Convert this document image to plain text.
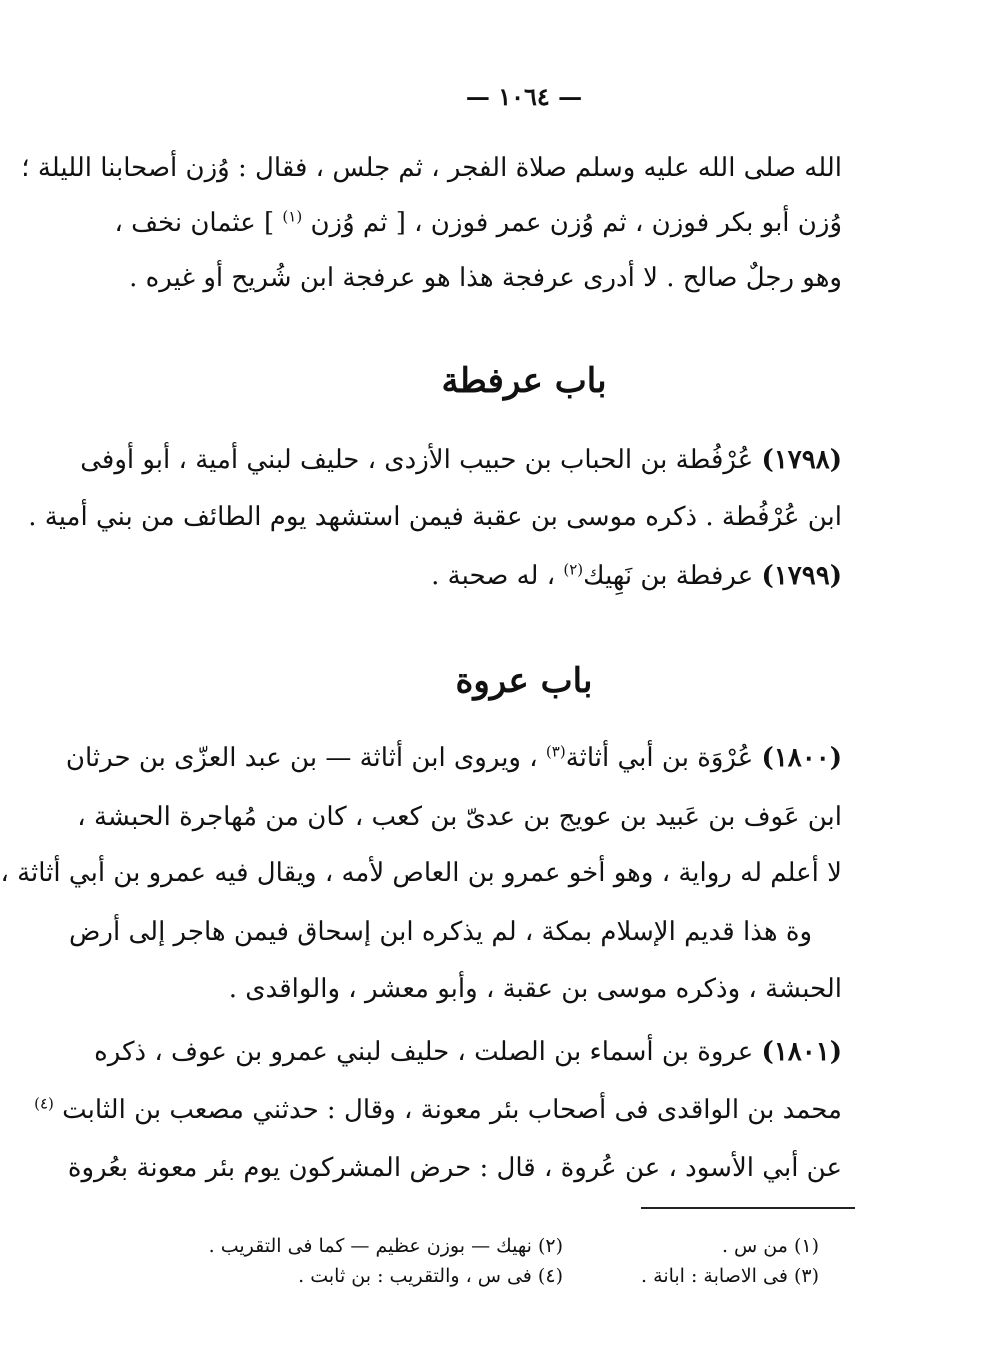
— ١٠٦٤ —
الله صلى الله عليه وسلم صلاة الفجر ، ثم جلس ، فقال : وُزن أصحابنا الليلة ؛
وُزن أبو بكر فوزن ، ثم وُزن عمر فوزن ، [ ثم وُزن $^{(١)}$ ] عثمان نخف ،
وهو رجلٌ صالح . لا أدرى عرفجة هذا هو عرفجة ابن شُريح أو غيره .
باب عرفطة
(١٧٩٨) عُرْفُطة بن الحباب بن حبيب الأزدى ، حليف لبني أمية ، أبو أوفى
ابن عُرْفُطة . ذكره موسى بن عقبة فيمن استشهد يوم الطائف من بني أمية .
(١٧٩٩) عرفطة بن نَهِيك$^{(٢)}$ ، له صحبة .
باب عروة
(١٨٠٠) عُرْوَة بن أبي أثاثة$^{(٣)}$ ، ويروى ابن أثاثة — بن عبد العزّى بن حرثان
ابن عَوف بن عَبيد بن عويج بن عدىّ بن كعب ، كان من مُهاجرة الحبشة ،
لا أعلم له رواية ، وهو أخو عمرو بن العاص لأمه ، ويقال فيه عمرو بن أبي أثاثة ،
وة هذا قديم الإسلام بمكة ، لم يذكره ابن إسحاق فيمن هاجر إلى أرض
الحبشة ، وذكره موسى بن عقبة ، وأبو معشر ، والواقدى .
(١٨٠١) عروة بن أسماء بن الصلت ، حليف لبني عمرو بن عوف ، ذكره
محمد بن الواقدى فى أصحاب بئر معونة ، وقال : حدثني مصعب بن الثابت $^{(٤)}$
عن أبي الأسود ، عن عُروة ، قال : حرض المشركون يوم بئر معونة بعُروة
(١) من س .
(٢) نهيك — بوزن عظيم — كما فى التقريب .
(٣) فى الاصابة : ابانة .
(٤) فى س ، والتقريب : بن ثابت .
